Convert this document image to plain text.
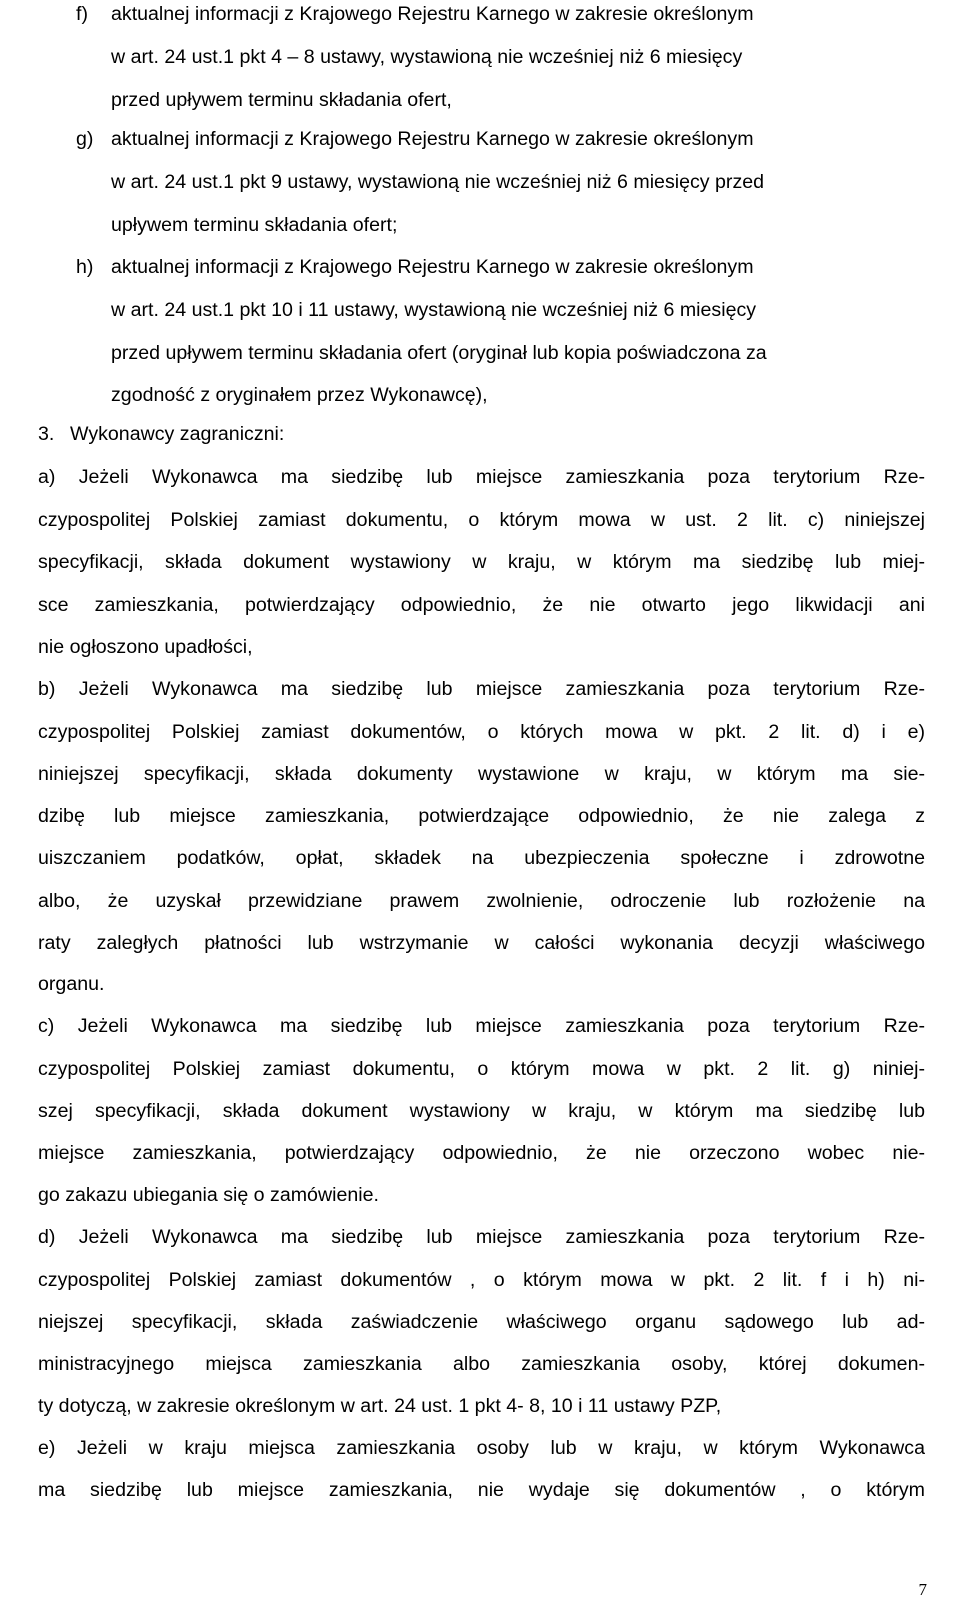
f)	aktualnej informacji z Krajowego Rejestru Karnego w zakresie określonym
w art. 24 ust.1 pkt 4 – 8 ustawy, wystawioną nie wcześniej niż 6 miesięcy
przed upływem terminu składania ofert,
g) aktualnej informacji z Krajowego Rejestru Karnego w zakresie określonym
w art. 24 ust.1 pkt 9 ustawy, wystawioną nie wcześniej niż 6 miesięcy przed
upływem terminu składania ofert;
h) aktualnej informacji z Krajowego Rejestru Karnego w zakresie określonym
w art. 24 ust.1 pkt 10 i 11 ustawy, wystawioną nie wcześniej niż 6 miesięcy
przed upływem terminu składania ofert (oryginał lub kopia poświadczona za
zgodność z oryginałem przez Wykonawcę),
3. Wykonawcy zagraniczni:
a) Jeżeli Wykonawca ma siedzibę lub miejsce zamieszkania poza terytorium Rze-
czypospolitej Polskiej zamiast dokumentu, o którym mowa w ust. 2 lit. c) niniejszej
specyfikacji, składa dokument wystawiony w kraju, w którym ma siedzibę lub miej-
sce zamieszkania, potwierdzający odpowiednio, że nie otwarto jego likwidacji ani
nie ogłoszono upadłości,
b) Jeżeli Wykonawca ma siedzibę lub miejsce zamieszkania poza terytorium Rze-
czypospolitej Polskiej zamiast dokumentów, o których mowa w pkt. 2 lit. d) i e)
niniejszej specyfikacji, składa dokumenty wystawione w kraju, w którym ma sie-
dzibę lub miejsce zamieszkania, potwierdzające odpowiednio, że nie zalega z
uiszczaniem podatków, opłat, składek na ubezpieczenia społeczne i zdrowotne
albo, że uzyskał przewidziane prawem zwolnienie, odroczenie lub rozłożenie na
raty zaległych płatności lub wstrzymanie w całości wykonania decyzji właściwego
organu.
c) Jeżeli Wykonawca ma siedzibę lub miejsce zamieszkania poza terytorium Rze-
czypospolitej Polskiej zamiast dokumentu, o którym mowa w pkt. 2 lit. g) niniej-
szej specyfikacji, składa dokument wystawiony w kraju, w którym ma siedzibę lub
miejsce zamieszkania, potwierdzający odpowiednio, że nie orzeczono wobec nie-
go zakazu ubiegania się o zamówienie.
d) Jeżeli Wykonawca ma siedzibę lub miejsce zamieszkania poza terytorium Rze-
czypospolitej Polskiej zamiast dokumentów , o którym mowa w pkt. 2 lit. f i h) ni-
niejszej specyfikacji, składa zaświadczenie właściwego organu sądowego lub ad-
ministracyjnego miejsca zamieszkania albo zamieszkania osoby, której dokumen-
ty dotyczą, w zakresie określonym w art. 24 ust. 1 pkt 4- 8, 10 i 11 ustawy PZP,
e) Jeżeli w kraju miejsca zamieszkania osoby lub w kraju, w którym Wykonawca
ma siedzibę lub miejsce zamieszkania, nie wydaje się dokumentów , o którym
7
